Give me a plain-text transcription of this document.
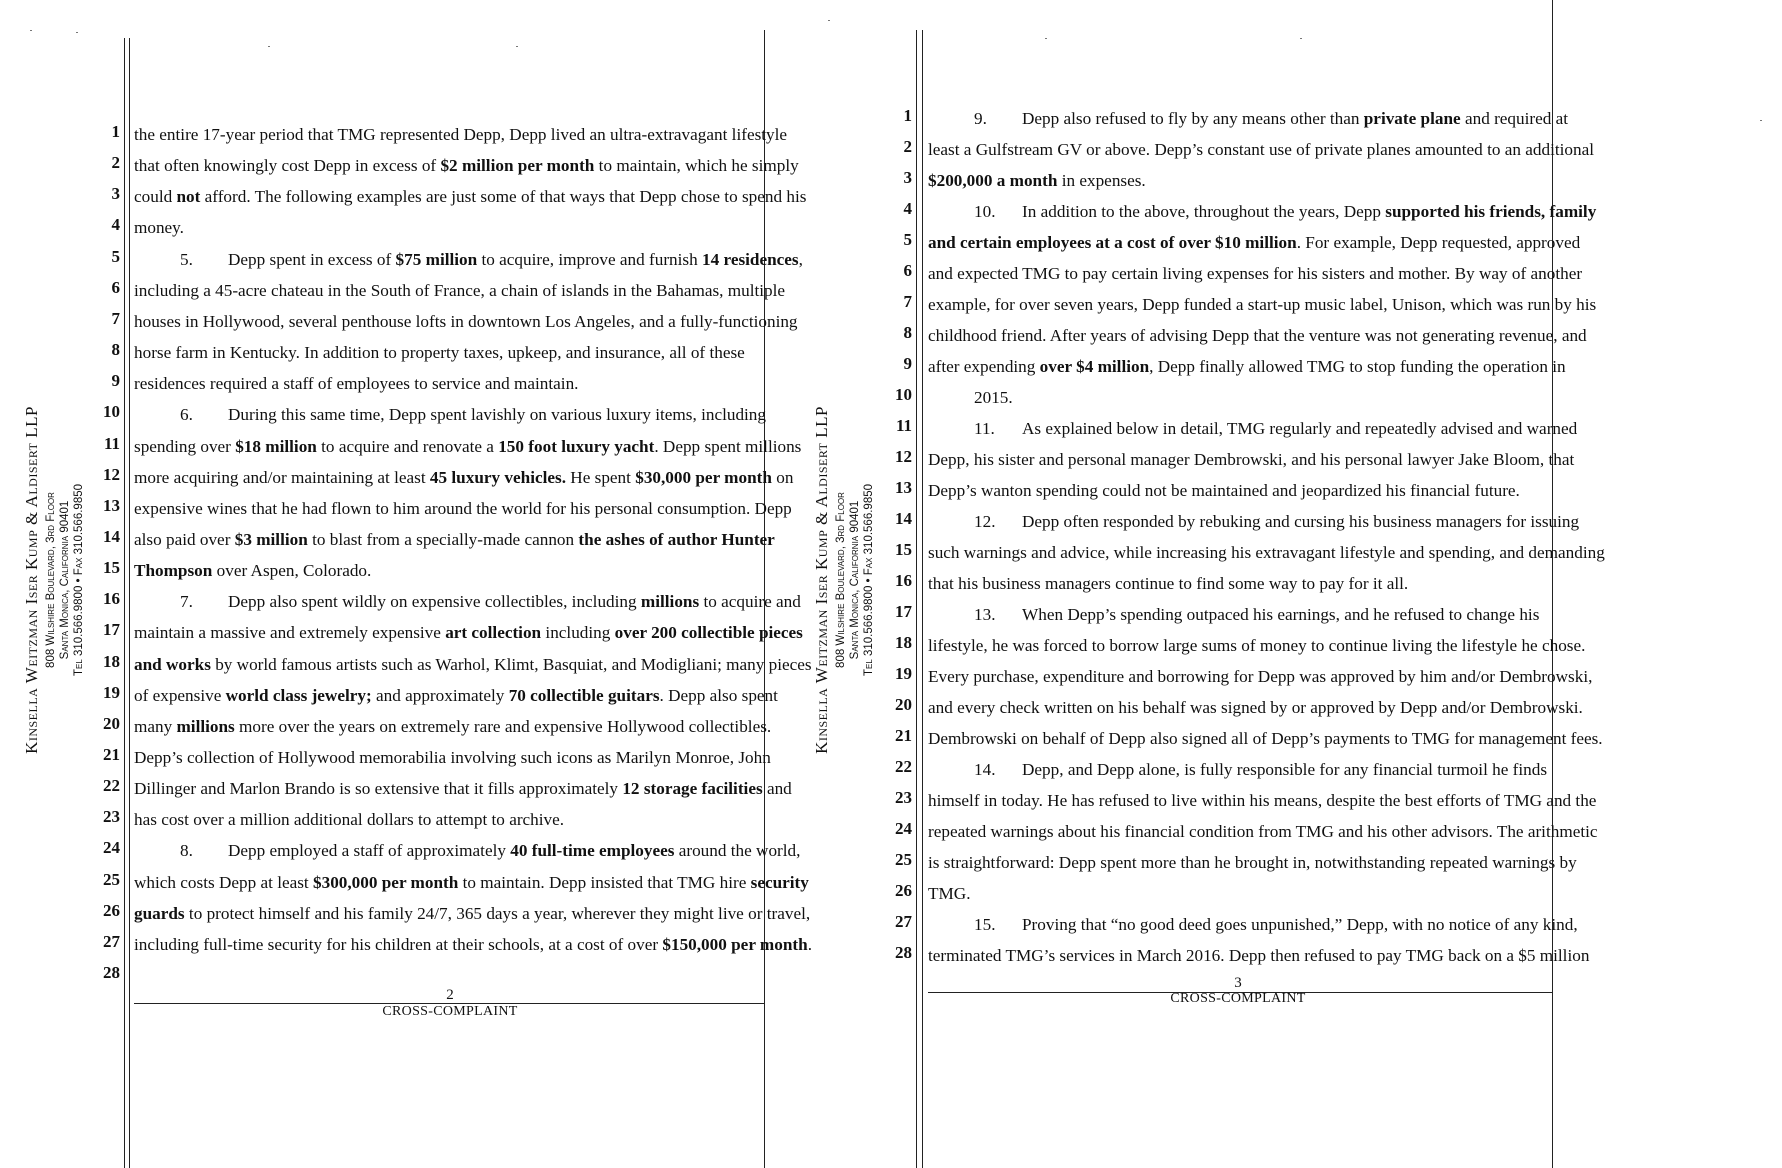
Kinsella Weitzman Iser Kump & Aldisert LLP 808 Wilshire Boulevard, 3rd Floor Santa Monica, California 90401 Tel 310.566.9800 • Fax 310.566.9850
1
2
3
4
5
6
7
8
9
10
11
12
13
14
15
16
17
18
19
20
21
22
23
24
25
26
27
28
the entire 17-year period that TMG represented Depp, Depp lived an ultra-extravagant lifestyle
that often knowingly cost Depp in excess of $2 million per month to maintain, which he simply
could not afford. The following examples are just some of that ways that Depp chose to spend his
money.
5. Depp spent in excess of $75 million to acquire, improve and furnish 14 residences,
including a 45-acre chateau in the South of France, a chain of islands in the Bahamas, multiple
houses in Hollywood, several penthouse lofts in downtown Los Angeles, and a fully-functioning
horse farm in Kentucky. In addition to property taxes, upkeep, and insurance, all of these
residences required a staff of employees to service and maintain.
6. During this same time, Depp spent lavishly on various luxury items, including
spending over $18 million to acquire and renovate a 150 foot luxury yacht. Depp spent millions
more acquiring and/or maintaining at least 45 luxury vehicles. He spent $30,000 per month on
expensive wines that he had flown to him around the world for his personal consumption. Depp
also paid over $3 million to blast from a specially-made cannon the ashes of author Hunter
Thompson over Aspen, Colorado.
7. Depp also spent wildly on expensive collectibles, including millions to acquire and
maintain a massive and extremely expensive art collection including over 200 collectible pieces
and works by world famous artists such as Warhol, Klimt, Basquiat, and Modigliani; many pieces
of expensive world class jewelry; and approximately 70 collectible guitars. Depp also spent
many millions more over the years on extremely rare and expensive Hollywood collectibles.
Depp’s collection of Hollywood memorabilia involving such icons as Marilyn Monroe, John
Dillinger and Marlon Brando is so extensive that it fills approximately 12 storage facilities and
has cost over a million additional dollars to attempt to archive.
8. Depp employed a staff of approximately 40 full-time employees around the world,
which costs Depp at least $300,000 per month to maintain. Depp insisted that TMG hire security
guards to protect himself and his family 24/7, 365 days a year, wherever they might live or travel,
including full-time security for his children at their schools, at a cost of over $150,000 per month.
2
CROSS-COMPLAINT
Kinsella Weitzman Iser Kump & Aldisert LLP 808 Wilshire Boulevard, 3rd Floor Santa Monica, California 90401 Tel 310.566.9800 • Fax 310.566.9850
1
2
3
4
5
6
7
8
9
10
11
12
13
14
15
16
17
18
19
20
21
22
23
24
25
26
27
28
9. Depp also refused to fly by any means other than private plane and required at
least a Gulfstream GV or above. Depp’s constant use of private planes amounted to an additional
$200,000 a month in expenses.
10. In addition to the above, throughout the years, Depp supported his friends, family
and certain employees at a cost of over $10 million. For example, Depp requested, approved
and expected TMG to pay certain living expenses for his sisters and mother. By way of another
example, for over seven years, Depp funded a start-up music label, Unison, which was run by his
childhood friend. After years of advising Depp that the venture was not generating revenue, and
after expending over $4 million, Depp finally allowed TMG to stop funding the operation in
2015.
11. As explained below in detail, TMG regularly and repeatedly advised and warned
Depp, his sister and personal manager Dembrowski, and his personal lawyer Jake Bloom, that
Depp’s wanton spending could not be maintained and jeopardized his financial future.
12. Depp often responded by rebuking and cursing his business managers for issuing
such warnings and advice, while increasing his extravagant lifestyle and spending, and demanding
that his business managers continue to find some way to pay for it all.
13. When Depp’s spending outpaced his earnings, and he refused to change his
lifestyle, he was forced to borrow large sums of money to continue living the lifestyle he chose.
Every purchase, expenditure and borrowing for Depp was approved by him and/or Dembrowski,
and every check written on his behalf was signed by or approved by Depp and/or Dembrowski.
Dembrowski on behalf of Depp also signed all of Depp’s payments to TMG for management fees.
14. Depp, and Depp alone, is fully responsible for any financial turmoil he finds
himself in today. He has refused to live within his means, despite the best efforts of TMG and the
repeated warnings about his financial condition from TMG and his other advisors. The arithmetic
is straightforward: Depp spent more than he brought in, notwithstanding repeated warnings by
TMG.
15. Proving that “no good deed goes unpunished,” Depp, with no notice of any kind,
terminated TMG’s services in March 2016. Depp then refused to pay TMG back on a $5 million
3
CROSS-COMPLAINT
